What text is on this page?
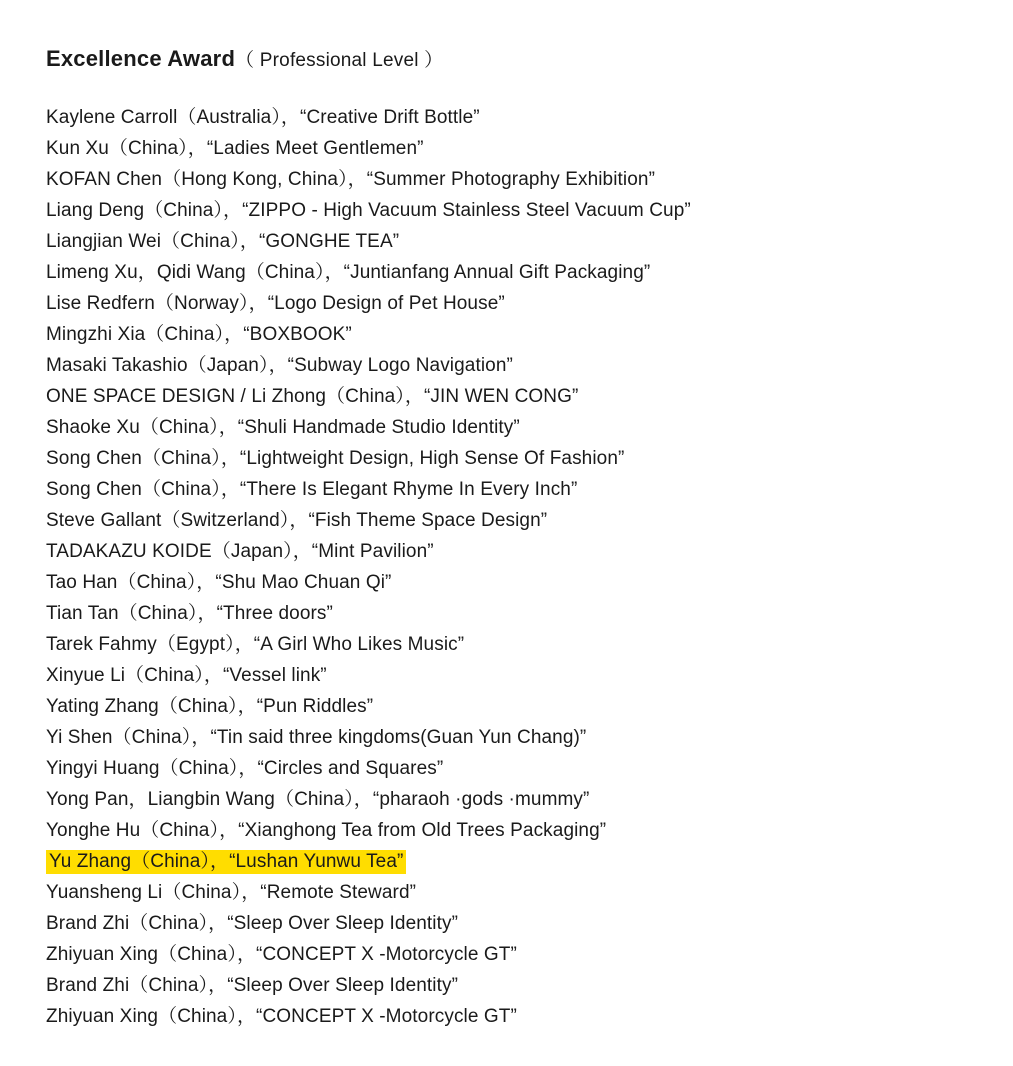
Excellence Award（ Professional Level ）
Kaylene Carroll（Australia），“Creative Drift Bottle”
Kun Xu（China），“Ladies Meet Gentlemen”
KOFAN Chen（Hong Kong, China），“Summer Photography Exhibition”
Liang Deng（China），“ZIPPO - High Vacuum Stainless Steel Vacuum Cup”
Liangjian Wei（China），“GONGHE TEA”
Limeng Xu，Qidi Wang（China），“Juntianfang Annual Gift Packaging”
Lise Redfern（Norway），“Logo Design of Pet House”
Mingzhi Xia（China），“BOXBOOK”
Masaki Takashio（Japan），“Subway Logo Navigation”
ONE SPACE DESIGN / Li Zhong（China），“JIN WEN CONG”
Shaoke Xu（China），“Shuli Handmade Studio Identity”
Song Chen（China），“Lightweight Design, High Sense Of Fashion”
Song Chen（China），“There Is Elegant Rhyme In Every Inch”
Steve Gallant（Switzerland），“Fish Theme Space Design”
TADAKAZU KOIDE（Japan），“Mint Pavilion”
Tao Han（China），“Shu Mao Chuan Qi”
Tian Tan（China），“Three doors”
Tarek Fahmy（Egypt），“A Girl Who Likes Music”
Xinyue Li（China），“Vessel link”
Yating Zhang（China），“Pun Riddles”
Yi Shen（China），“Tin said three kingdoms(Guan Yun Chang)”
Yingyi Huang（China），“Circles and Squares”
Yong Pan，Liangbin Wang（China），“pharaoh ·gods ·mummy”
Yonghe Hu（China），“Xianghong Tea from Old Trees Packaging”
Yu Zhang（China），“Lushan Yunwu Tea”
Yuansheng Li（China），“Remote Steward”
Brand Zhi（China），“Sleep Over Sleep Identity”
Zhiyuan Xing（China），“CONCEPT X -Motorcycle GT”
Brand Zhi（China），“Sleep Over Sleep Identity”
Zhiyuan Xing（China），“CONCEPT X -Motorcycle GT”
